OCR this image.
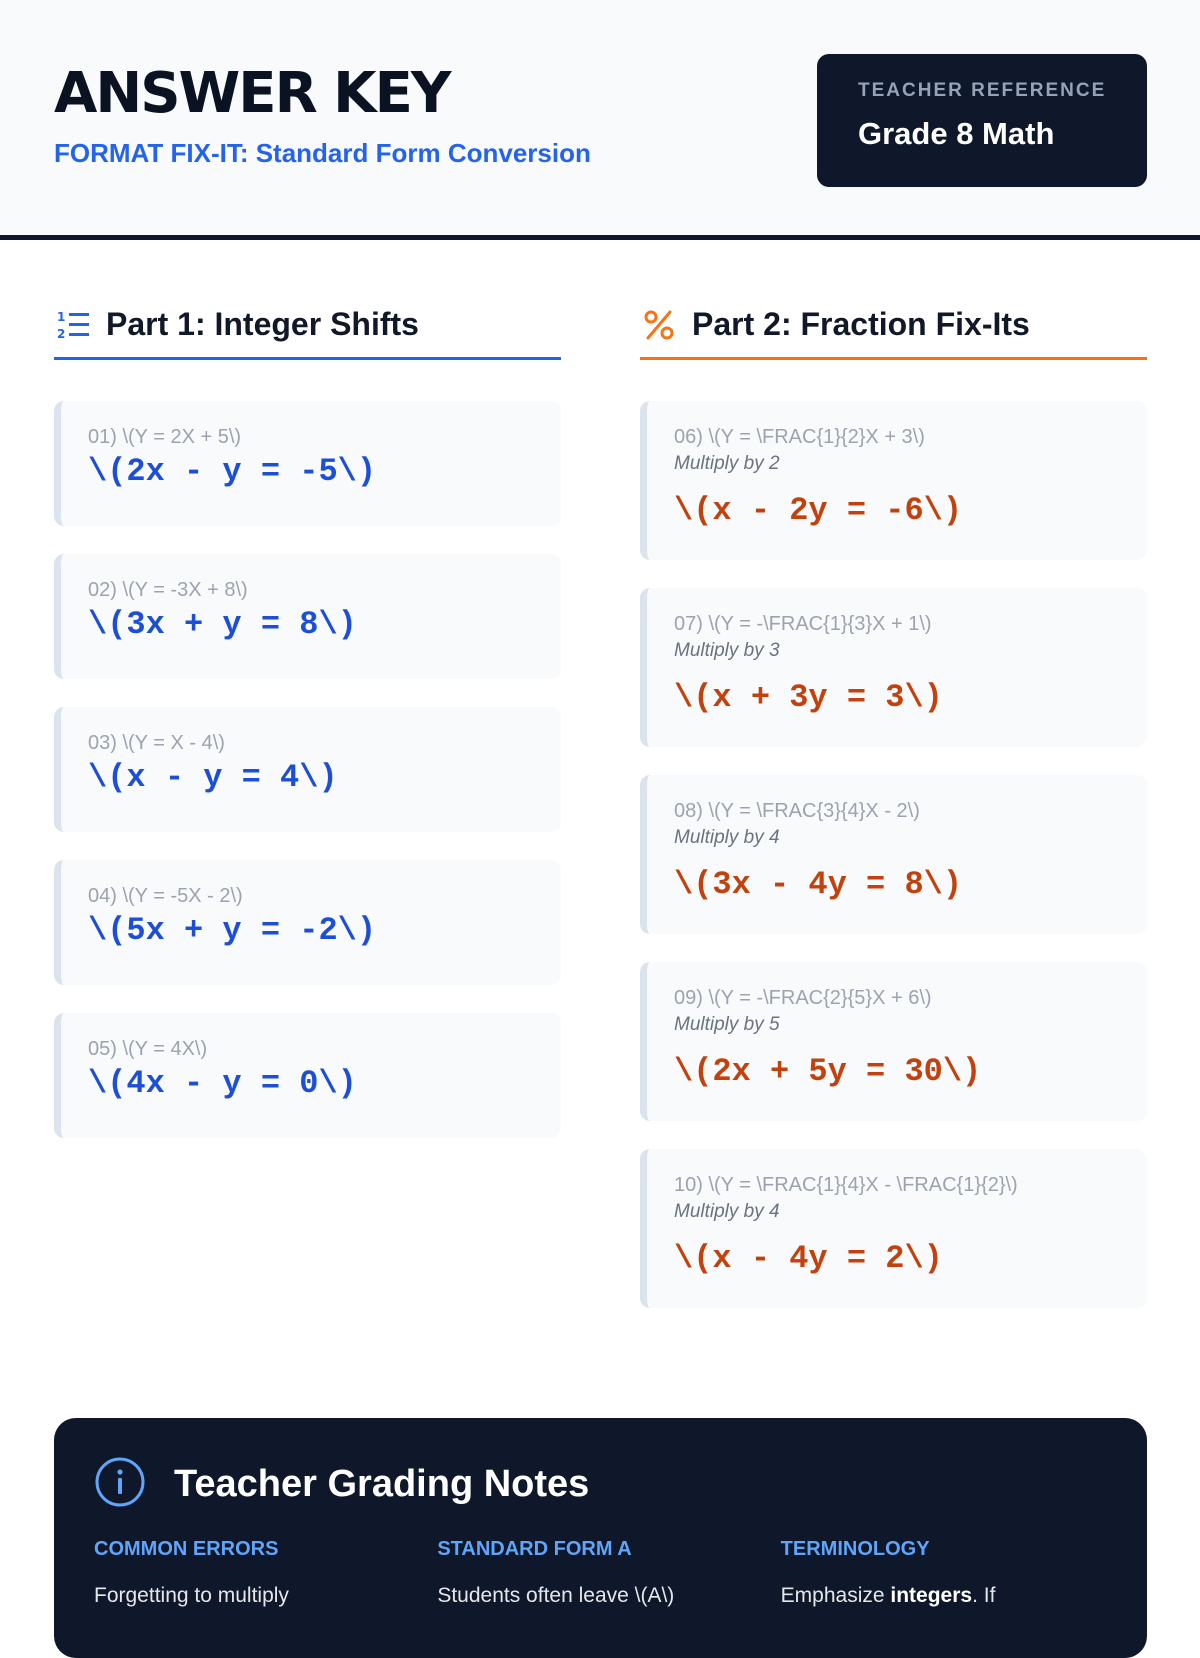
ANSWER KEY
FORMAT FIX-IT: Standard Form Conversion
TEACHER REFERENCE
Grade 8 Math
1
2 Part 1: Integer Shifts
01) \(Y = 2X + 5\)
\(2x - y = -5\)
02) \(Y = -3X + 8\)
\(3x + y = 8\)
03) \(Y = X - 4\)
\(x - y = 4\)
04) \(Y = -5X - 2\)
\(5x + y = -2\)
05) \(Y = 4X\)
\(4x - y = 0\)
Part 2: Fraction Fix-Its
06) \(Y = \FRAC{1}{2}X + 3\)
Multiply by 2
\(x - 2y = -6\)
07) \(Y = -\FRAC{1}{3}X + 1\)
Multiply by 3
\(x + 3y = 3\)
08) \(Y = \FRAC{3}{4}X - 2\)
Multiply by 4
\(3x - 4y = 8\)
09) \(Y = -\FRAC{2}{5}X + 6\)
Multiply by 5
\(2x + 5y = 30\)
10) \(Y = \FRAC{1}{4}X - \FRAC{1}{2}\)
Multiply by 4
\(x - 4y = 2\)
Teacher Grading Notes
COMMON ERRORS
Forgetting to multiply
STANDARD FORM A
Students often leave \(A\)
TERMINOLOGY
Emphasize integers. If
